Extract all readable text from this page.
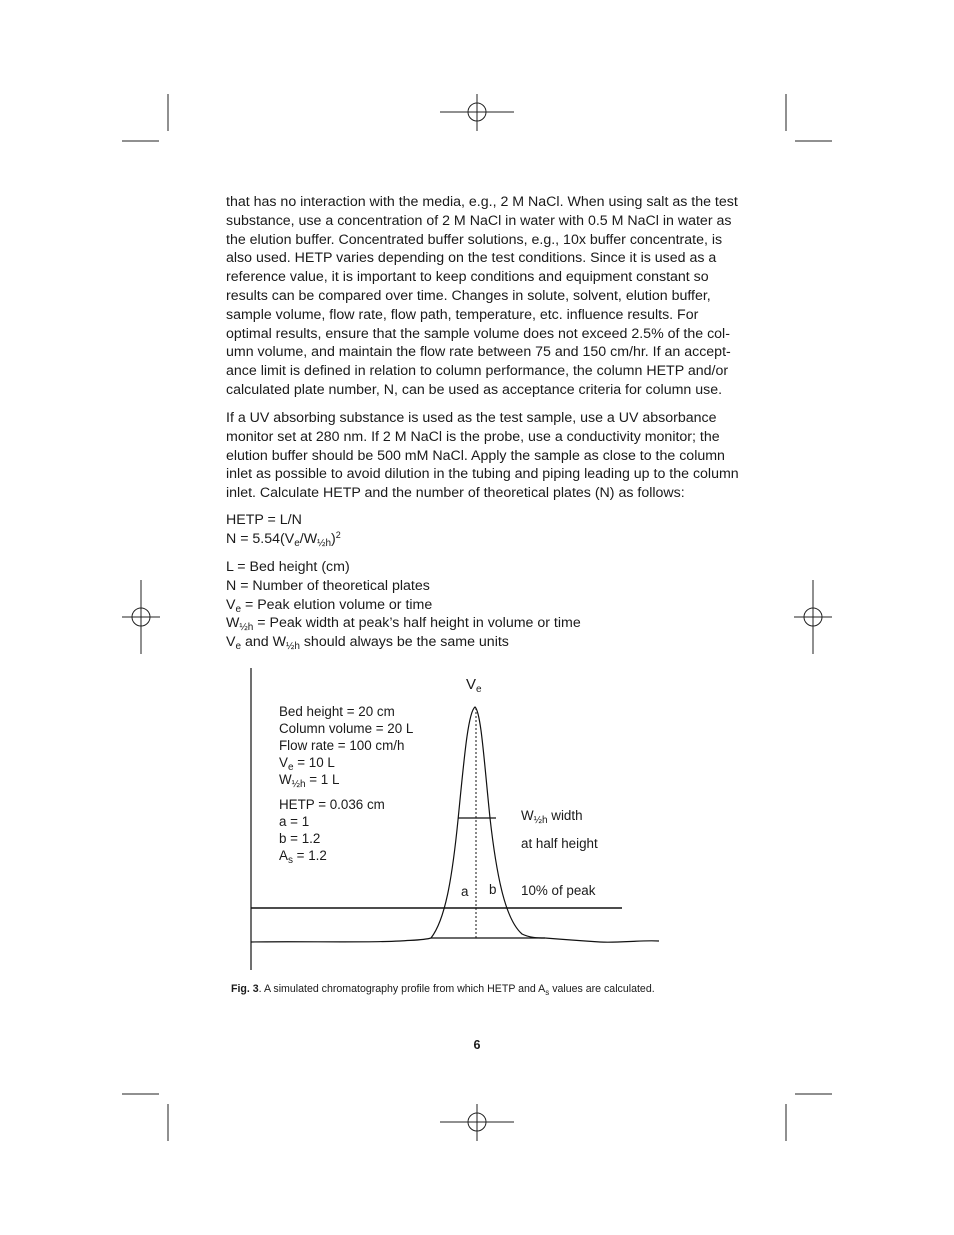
that has no interaction with the media, e.g., 2 M NaCl. When using salt as the test
substance, use a concentration of 2 M NaCl in water with 0.5 M NaCl in water as
the elution buffer. Concentrated buffer solutions, e.g., 10x buffer concentrate, is
also used. HETP varies depending on the test conditions. Since it is used as a
reference value, it is important to keep conditions and equipment constant so
results can be compared over time. Changes in solute, solvent, elution buffer,
sample volume, flow rate, flow path, temperature, etc. influence results. For
optimal results, ensure that the sample volume does not exceed 2.5% of the col-
umn volume, and maintain the flow rate between 75 and 150 cm/hr. If an accept-
ance limit is defined in relation to column performance, the column HETP and/or
calculated plate number, N, can be used as acceptance criteria for column use.
If a UV absorbing substance is used as the test sample, use a UV absorbance
monitor set at 280 nm. If 2 M NaCl is the probe, use a conductivity monitor; the
elution buffer should be 500 mM NaCl. Apply the sample as close to the column
inlet as possible to avoid dilution in the tubing and piping leading up to the column
inlet. Calculate HETP and the number of theoretical plates (N) as follows:
HETP = L/N
$N = 5.54(V_e/W_{\frac{1}{2}h})^2$
L = Bed height (cm)
N = Number of theoretical plates
$V_e$ = Peak elution volume or time
$W_{\frac{1}{2}h}$ = Peak width at peak’s half height in volume or time
$V_e$ and $W_{\frac{1}{2}h}$ should always be the same units
$V_e$
Bed height = 20 cm
Column volume = 20 L
Flow rate = 100 cm/h
$V_e = 10$ L
$W_{\frac{1}{2}h} = 1$ L
HETP = 0.036 cm
a = 1
b = 1.2
$A_s = 1.2$
$W_{\frac{1}{2}h}$ width
at half height
10% of peak
a b
Fig. 3. A simulated chromatography profile from which HETP and $A_s$ values are calculated.
6
